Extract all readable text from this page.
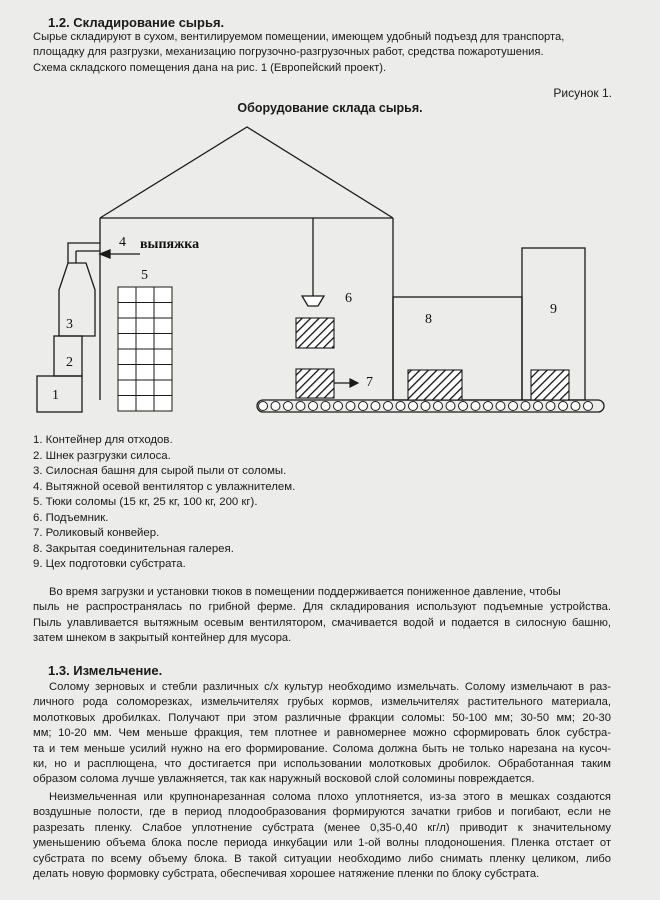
1.2. Складирование сырья.
Сырье складируют в сухом, вентилируемом помещении, имеющем удобный подъезд для транспорта,
площадку для разгрузки, механизацию погрузочно-разгрузочных работ, средства пожаротушения.
Схема складского помещения дана на рис. 1 (Европейский проект).
Рисунок 1.
Оборудование склада сырья.
1
2
3
4 выпяжка
5
6
7
8
9
1. Контейнер для отходов.
2. Шнек разгрузки силоса.
3. Силосная башня для сырой пыли от соломы.
4. Вытяжной осевой вентилятор с увлажнителем.
5. Тюки соломы (15 кг, 25 кг, 100 кг, 200 кг).
6. Подъемник.
7. Роликовый конвейер.
8. Закрытая соединительная галерея.
9. Цех подготовки субстрата.
Во время загрузки и установки тюков в помещении поддерживается пониженное давление, чтобы
пыль не распространялась по грибной ферме. Для складирования используют подъемные устройства.
Пыль улавливается вытяжным осевым вентилятором, смачивается водой и подается в силосную башню,
затем шнеком в закрытый контейнер для мусора.
1.3. Измельчение.
Солому зерновых и стебли различных с/х культур необходимо измельчать. Солому измельчают в раз-
личного рода соломорезках, измельчителях грубых кормов, измельчителях растительного материала,
молотковых дробилках. Получают при этом различные фракции соломы: 50-100 мм; 30-50 мм; 20-30
мм; 10-20 мм. Чем меньше фракция, тем плотнее и равномернее можно сформировать блок субстра-
та и тем меньше усилий нужно на его формирование. Солома должна быть не только нарезана на кусоч-
ки, но и расплющена, что достигается при использовании молотковых дробилок. Обработанная таким
образом солома лучше увлажняется, так как наружный восковой слой соломины повреждается.
Неизмельченная или крупнонарезанная солома плохо уплотняется, из-за этого в мешках создаются
воздушные полости, где в период плодообразования формируются зачатки грибов и погибают, если не
разрезать пленку. Слабое уплотнение субстрата (менее 0,35-0,40 кг/л) приводит к значительному
уменьшению объема блока после периода инкубации или 1-ой волны плодоношения. Пленка отстает от
субстрата по всему объему блока. В такой ситуации необходимо либо снимать пленку целиком, либо
делать новую формовку субстрата, обеспечивая хорошее натяжение пленки по блоку субстрата.
